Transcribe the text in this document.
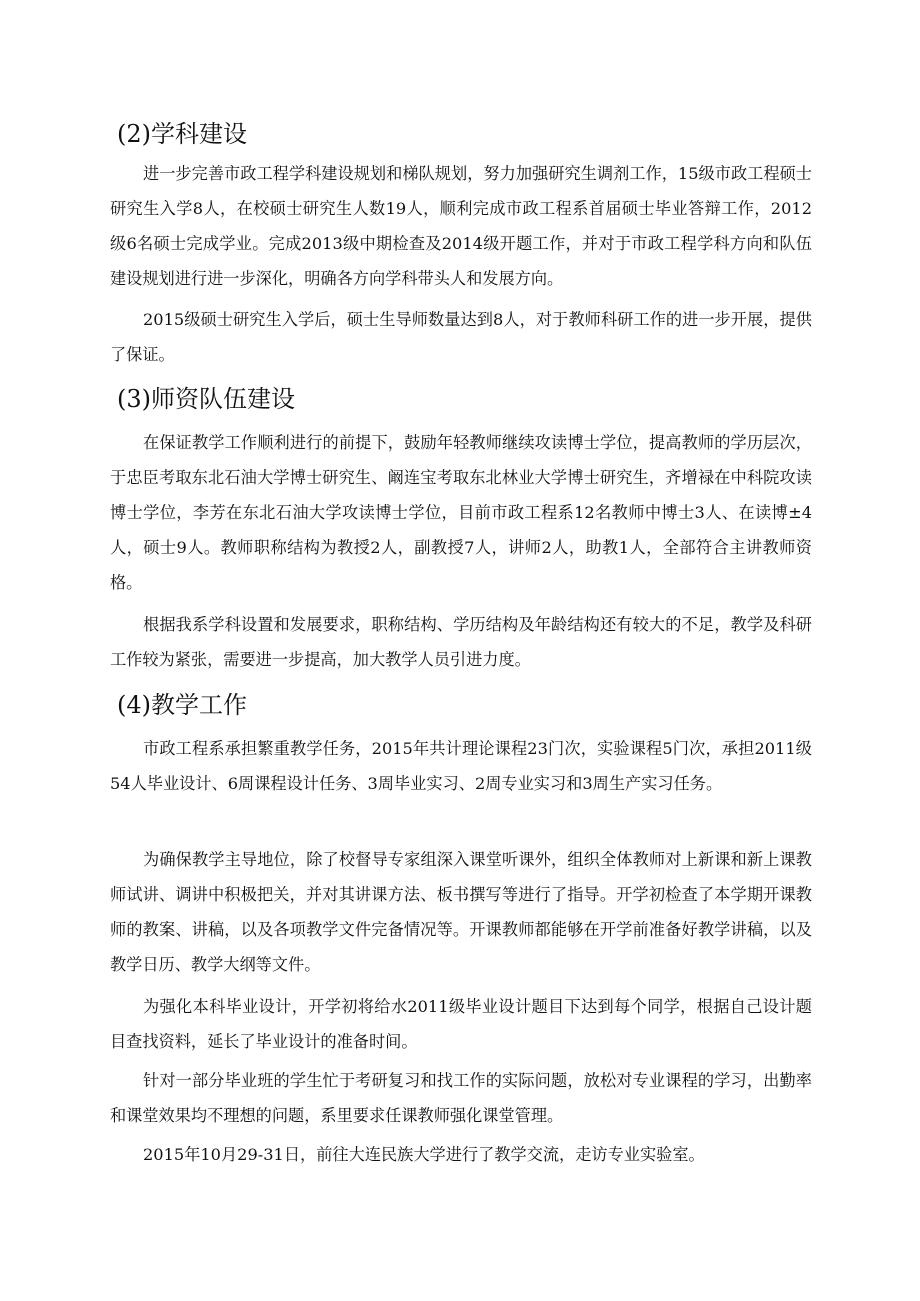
(2)学科建设

进一步完善市政工程学科建设规划和梯队规划，努力加强研究生调剂工作，15级市政工程硕士研究生入学8人，在校硕士研究生人数19人，顺利完成市政工程系首届硕士毕业答辩工作，2012级6名硕士完成学业。完成2013级中期检查及2014级开题工作，并对于市政工程学科方向和队伍建设规划进行进一步深化，明确各方向学科带头人和发展方向。

2015级硕士研究生入学后，硕士生导师数量达到8人，对于教师科研工作的进一步开展，提供了保证。

(3)师资队伍建设

在保证教学工作顺利进行的前提下，鼓励年轻教师继续攻读博士学位，提高教师的学历层次，于忠臣考取东北石油大学博士研究生、阚连宝考取东北林业大学博士研究生，齐增禄在中科院攻读博士学位，李芳在东北石油大学攻读博士学位，目前市政工程系12名教师中博士3人、在读博±4人，硕士9人。教师职称结构为教授2人，副教授7人，讲师2人，助教1人，全部符合主讲教师资格。

根据我系学科设置和发展要求，职称结构、学历结构及年龄结构还有较大的不足，教学及科研工作较为紧张，需要进一步提高，加大教学人员引进力度。

(4)教学工作

市政工程系承担繁重教学任务，2015年共计理论课程23门次，实验课程5门次，承担2011级54人毕业设计、6周课程设计任务、3周毕业实习、2周专业实习和3周生产实习任务。

为确保教学主导地位，除了校督导专家组深入课堂听课外，组织全体教师对上新课和新上课教师试讲、调讲中积极把关，并对其讲课方法、板书撰写等进行了指导。开学初检查了本学期开课教师的教案、讲稿，以及各项教学文件完备情况等。开课教师都能够在开学前准备好教学讲稿，以及教学日历、教学大纲等文件。

为强化本科毕业设计，开学初将给水2011级毕业设计题目下达到每个同学，根据自己设计题目查找资料，延长了毕业设计的准备时间。

针对一部分毕业班的学生忙于考研复习和找工作的实际问题，放松对专业课程的学习，出勤率和课堂效果均不理想的问题，系里要求任课教师强化课堂管理。

2015年10月29-31日，前往大连民族大学进行了教学交流，走访专业实验室。
